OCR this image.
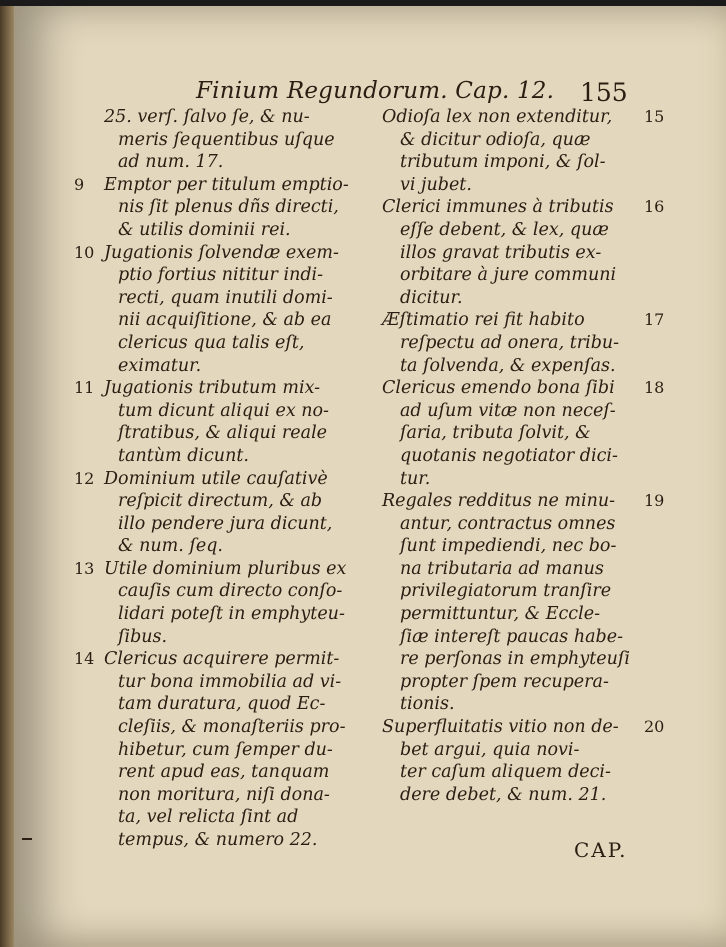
Finium Regundorum. Cap. 12. 155
25. verſ. ſalvo ſe, & nu-
meris ſequentibus uſque
ad num. 17.
9 Emptor per titulum emptio-
nis ſit plenus dñs directi,
& utilis dominii rei.
10 Jugationis ſolvendæ exem-
ptio fortius nititur indi-
recti, quam inutili domi-
nii acquiſitione, & ab ea
clericus qua talis eſt,
eximatur.
11 Jugationis tributum mix-
tum dicunt aliqui ex no-
ſtratibus, & aliqui reale
tantùm dicunt.
12 Dominium utile cauſativè
reſpicit directum, & ab
illo pendere jura dicunt,
& num. ſeq.
13 Utile dominium pluribus ex
cauſis cum directo conſo-
lidari poteſt in emphyteu-
ſibus.
14 Clericus acquirere permit-
tur bona immobilia ad vi-
tam duratura, quod Ec-
cleſiis, & monaſteriis pro-
hibetur, cum ſemper du-
rent apud eas, tanquam
non moritura, niſi dona-
ta, vel relicta ſint ad
tempus, & numero 22.
15
Odioſa lex non extenditur,
& dicitur odioſa, quæ
tributum imponi, & ſol-
vi jubet.
16
Clerici immunes à tributis
eſſe debent, & lex, quæ
illos gravat tributis ex-
orbitare à jure communi
dicitur.
17
Æſtimatio rei fit habito
reſpectu ad onera, tribu-
ta ſolvenda, & expenſas.
18
Clericus emendo bona ſibi
ad uſum vitæ non neceſ-
ſaria, tributa ſolvit, &
quotanis negotiator dici-
tur.
19
Regales redditus ne minu-
antur, contractus omnes
ſunt impediendi, nec bo-
na tributaria ad manus
privilegiatorum tranſire
permittuntur, & Eccle-
ſiæ intereſt paucas habe-
re perſonas in emphyteuſi
propter ſpem recupera-
tionis.
20
Superfluitatis vitio non de-
bet argui, quia novi-
ter caſum aliquem deci-
dere debet, & num. 21.
CAP.
